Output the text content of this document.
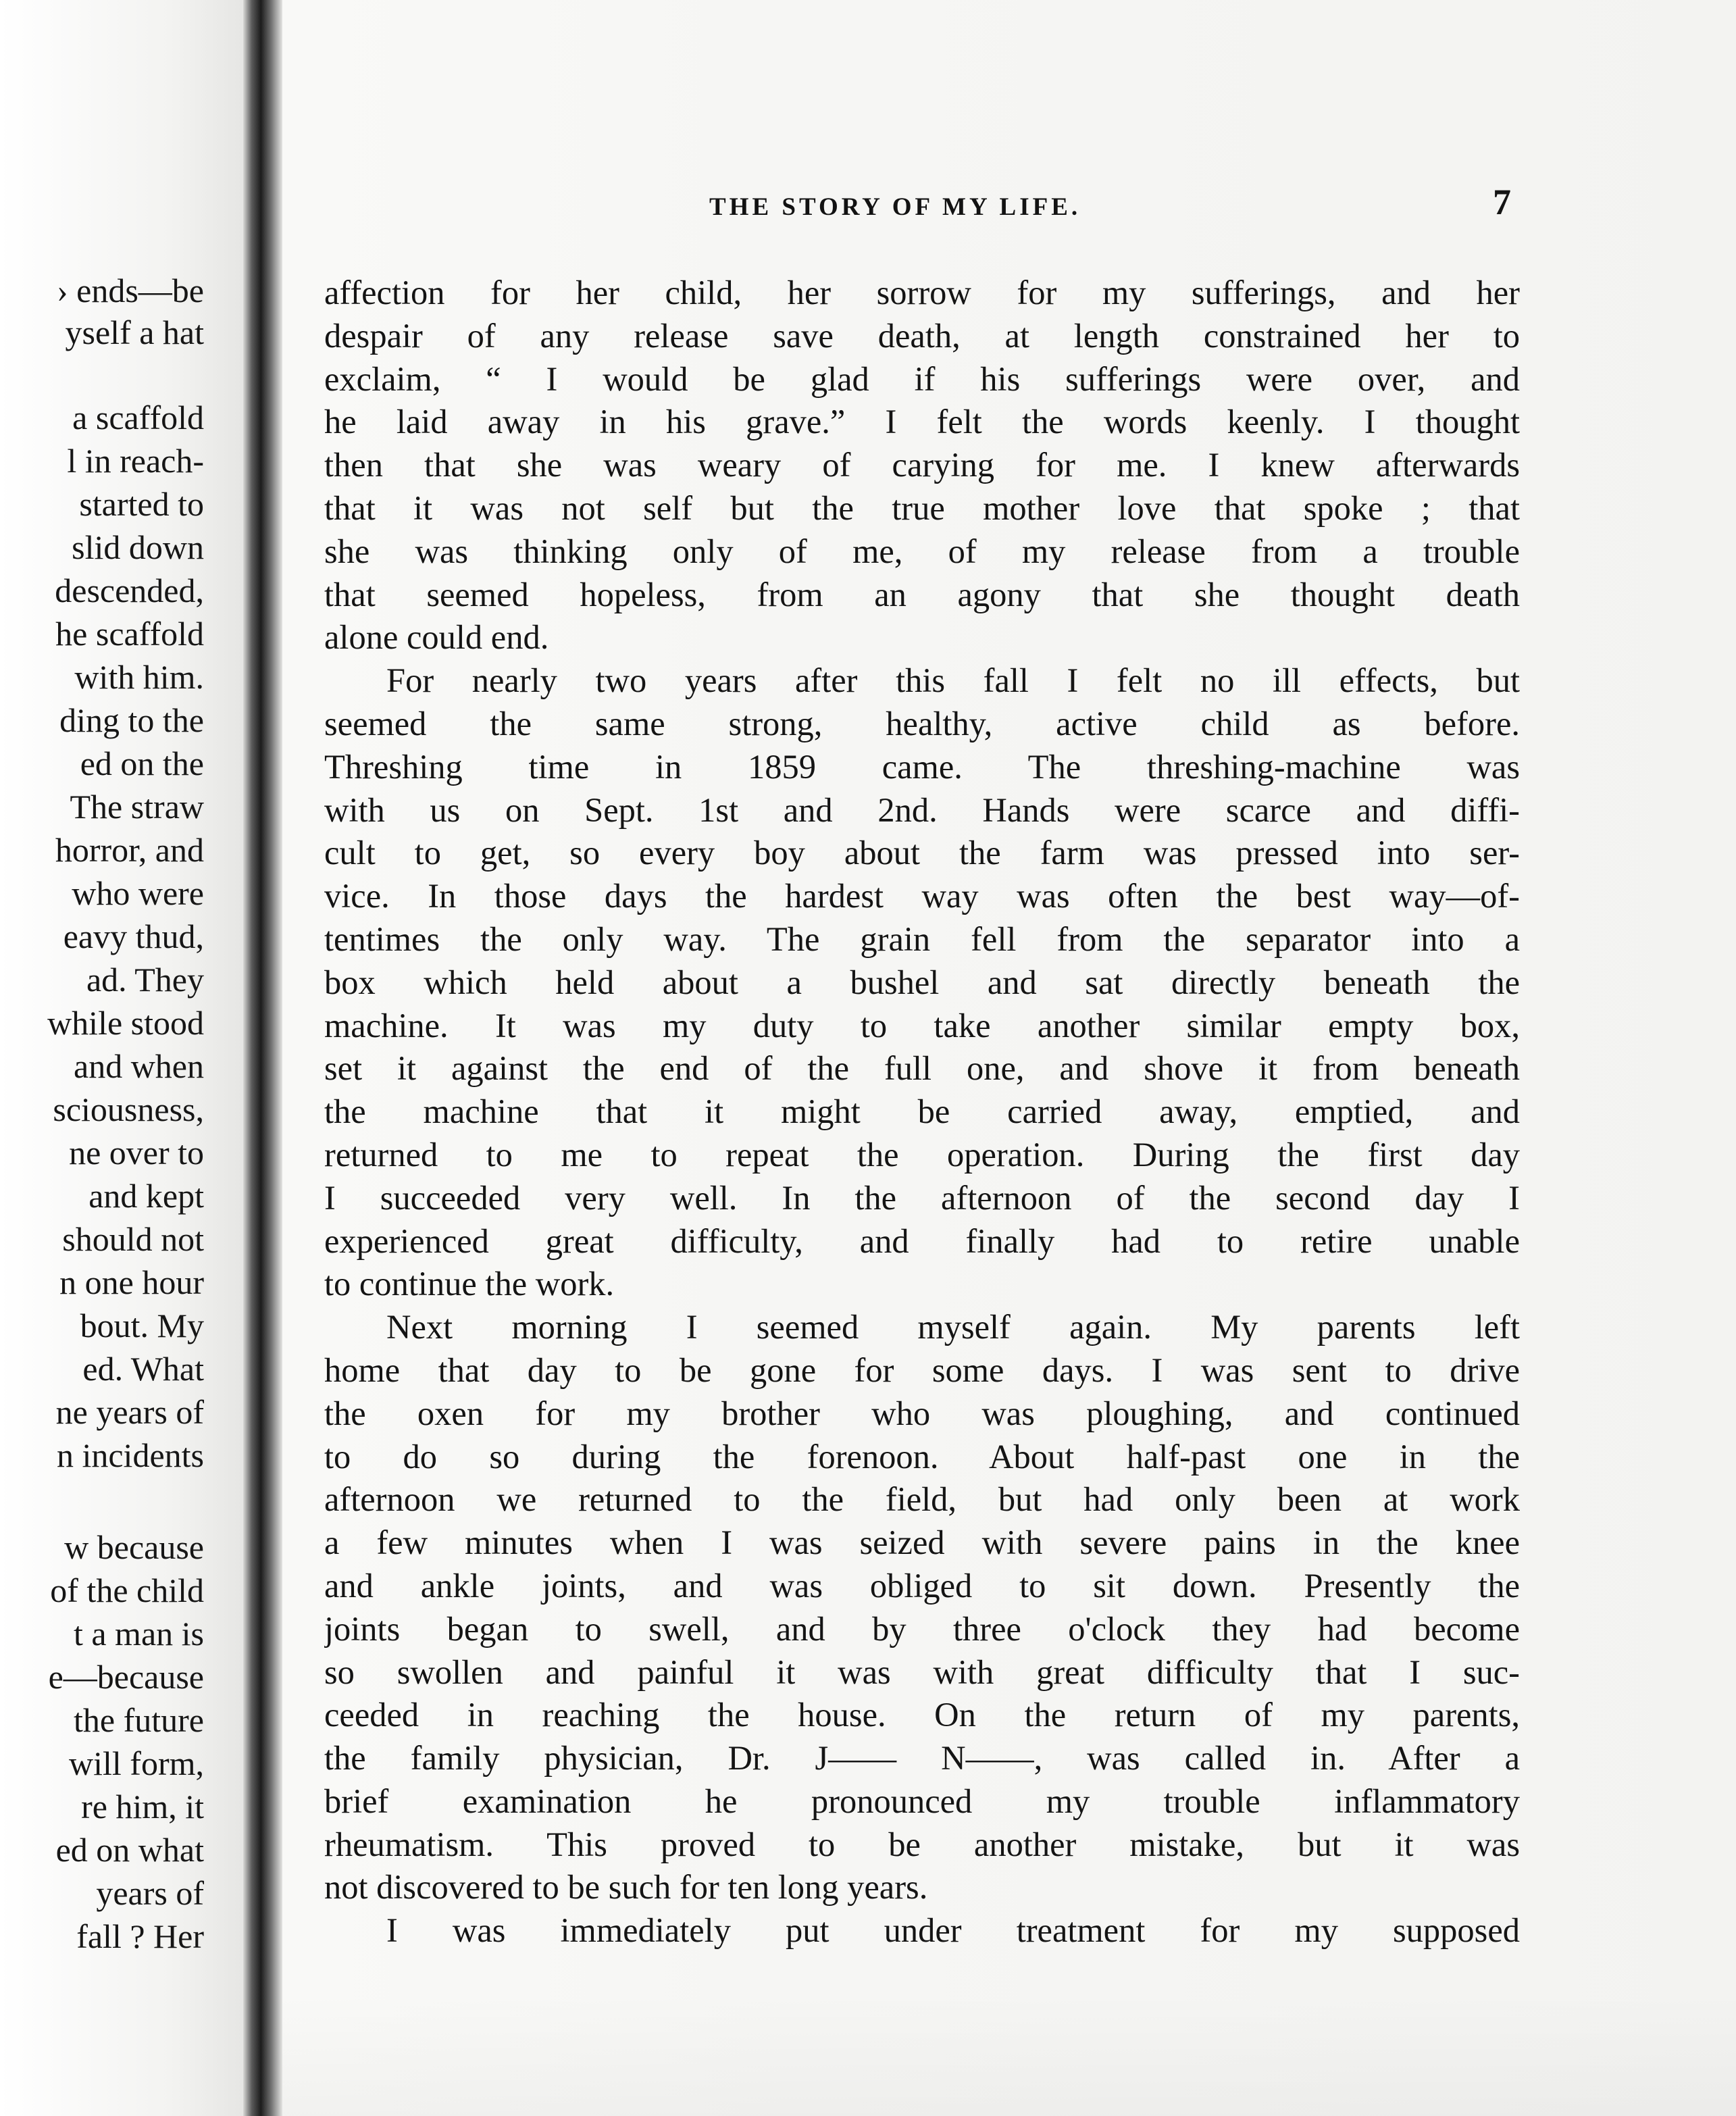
› ends—be
yself a hat
a scaffold
l in reach-
started to
slid down
descended,
he scaffold
with him.
ding to the
ed on the
The straw
horror, and
who were
eavy thud,
ad. They
while stood
and when
sciousness,
ne over to
and kept
should not
n one hour
bout. My
ed. What
ne years of
n incidents
w because
of the child
t a man is
e—because
the future
will form,
re him, it
ed on what
years of
fall ? Her
THE STORY OF MY LIFE.	7
affection for her child, her sorrow for my sufferings, and her
despair of any release save death, at length constrained her to
exclaim, “ I would be glad if his sufferings were over, and
he laid away in his grave.” I felt the words keenly. I thought
then that she was weary of carying for me. I knew afterwards
that it was not self but the true mother love that spoke ; that
she was thinking only of me, of my release from a trouble
that seemed hopeless, from an agony that she thought death
alone could end.
For nearly two years after this fall I felt no ill effects, but
seemed the same strong, healthy, active child as before.
Threshing time in 1859 came. The threshing-machine was
with us on Sept. 1st and 2nd. Hands were scarce and diffi-
cult to get, so every boy about the farm was pressed into ser-
vice. In those days the hardest way was often the best way—of-
tentimes the only way. The grain fell from the separator into a
box which held about a bushel and sat directly beneath the
machine. It was my duty to take another similar empty box,
set it against the end of the full one, and shove it from beneath
the machine that it might be carried away, emptied, and
returned to me to repeat the operation. During the first day
I succeeded very well. In the afternoon of the second day I
experienced great difficulty, and finally had to retire unable
to continue the work.
Next morning I seemed myself again. My parents left
home that day to be gone for some days. I was sent to drive
the oxen for my brother who was ploughing, and continued
to do so during the forenoon. About half-past one in the
afternoon we returned to the field, but had only been at work
a few minutes when I was seized with severe pains in the knee
and ankle joints, and was obliged to sit down. Presently the
joints began to swell, and by three o'clock they had become
so swollen and painful it was with great difficulty that I suc-
ceeded in reaching the house. On the return of my parents,
the family physician, Dr. J—— N——, was called in. After a
brief examination he pronounced my trouble inflammatory
rheumatism. This proved to be another mistake, but it was
not discovered to be such for ten long years.
I was immediately put under treatment for my supposed
